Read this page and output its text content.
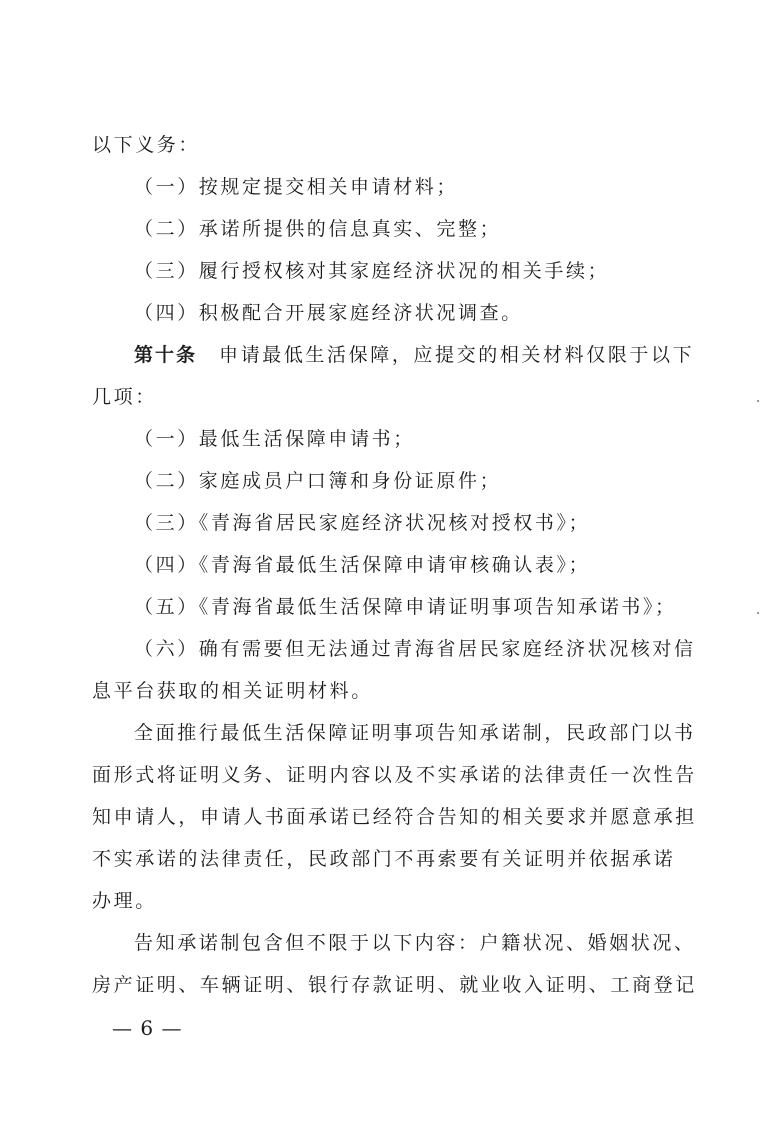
以下义务：
（一）按规定提交相关申请材料；
（二）承诺所提供的信息真实、完整；
（三）履行授权核对其家庭经济状况的相关手续；
（四）积极配合开展家庭经济状况调查。
第十条 申请最低生活保障，应提交的相关材料仅限于以下
几项：
（一）最低生活保障申请书；
（二）家庭成员户口簿和身份证原件；
（三）《青海省居民家庭经济状况核对授权书》；
（四）《青海省最低生活保障申请审核确认表》；
（五）《青海省最低生活保障申请证明事项告知承诺书》；
（六）确有需要但无法通过青海省居民家庭经济状况核对信
息平台获取的相关证明材料。
全面推行最低生活保障证明事项告知承诺制，民政部门以书
面形式将证明义务、证明内容以及不实承诺的法律责任一次性告
知申请人，申请人书面承诺已经符合告知的相关要求并愿意承担
不实承诺的法律责任，民政部门不再索要有关证明并依据承诺
办理。
告知承诺制包含但不限于以下内容：户籍状况、婚姻状况、
房产证明、车辆证明、银行存款证明、就业收入证明、工商登记
— 6 —
